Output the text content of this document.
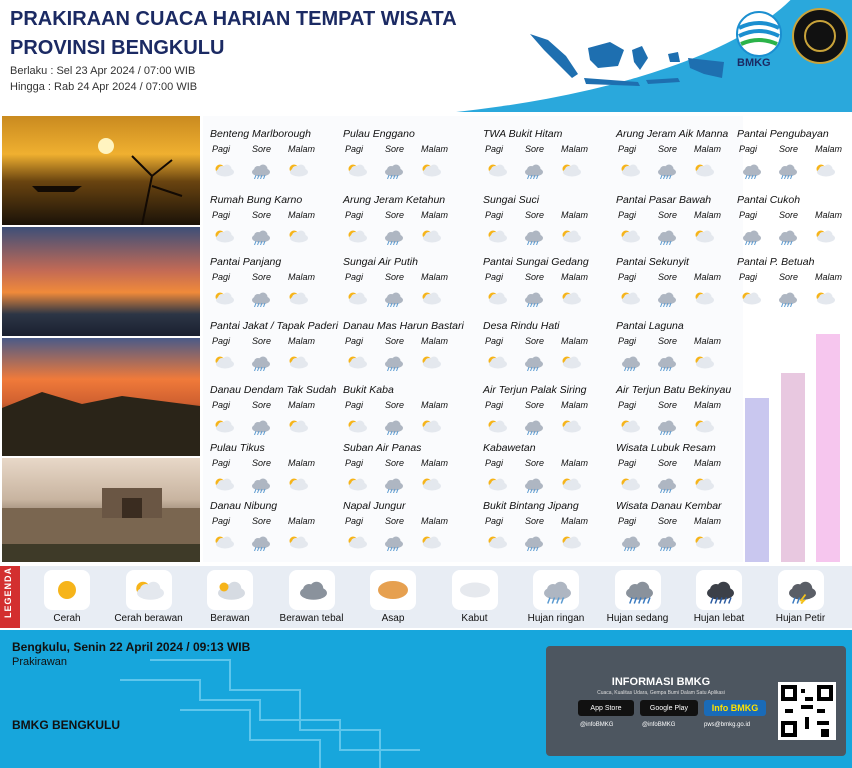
PRAKIRAAN CUACA HARIAN TEMPAT WISATA
PROVINSI BENGKULU
Berlaku : Sel 23 Apr 2024 / 07:00 WIB
Hingga : Rab 24 Apr 2024 / 07:00 WIB
BMKG
Benteng Marlborough
Pagi Sore Malam
Pulau Enggano
Pagi Sore Malam
TWA Bukit Hitam
Pagi Sore Malam
Arung Jeram Aik Manna
Pagi Sore Malam
Pantai Pengubayan
Pagi Sore Malam
Rumah Bung Karno
Pagi Sore Malam
Arung Jeram Ketahun
Pagi Sore Malam
Sungai Suci
Pagi Sore Malam
Pantai Pasar Bawah
Pagi Sore Malam
Pantai Cukoh
Pagi Sore Malam
Pantai Panjang
Pagi Sore Malam
Sungai Air Putih
Pagi Sore Malam
Pantai Sungai Gedang
Pagi Sore Malam
Pantai Sekunyit
Pagi Sore Malam
Pantai P. Betuah
Pagi Sore Malam
Pantai Jakat / Tapak Paderi
Pagi Sore Malam
Danau Mas Harun Bastari
Pagi Sore Malam
Desa Rindu Hati
Pagi Sore Malam
Pantai Laguna
Pagi Sore Malam
Danau Dendam Tak Sudah
Pagi Sore Malam
Bukit Kaba
Pagi Sore Malam
Air Terjun Palak Siring
Pagi Sore Malam
Air Terjun Batu Bekinyau
Pagi Sore Malam
Pulau Tikus
Pagi Sore Malam
Suban Air Panas
Pagi Sore Malam
Kabawetan
Pagi Sore Malam
Wisata Lubuk Resam
Pagi Sore Malam
Danau Nibung
Pagi Sore Malam
Napal Jungur
Pagi Sore Malam
Bukit Bintang Jipang
Pagi Sore Malam
Wisata Danau Kembar
Pagi Sore Malam
LEGENDA
Cerah	Cerah berawan	Berawan	Berawan tebal	Asap	Kabut	Hujan ringan	Hujan sedang	Hujan lebat	Hujan Petir
Bengkulu, Senin 22 April 2024 / 09:13 WIB
Prakirawan
BMKG BENGKULU
INFORMASI BMKG
Cuaca, Kualitas Udara, Gempa Bumi Dalam Satu Aplikasi
App Store	Google Play	Info BMKG
@infoBMKG	@infoBMKG	pws@bmkg.go.id
